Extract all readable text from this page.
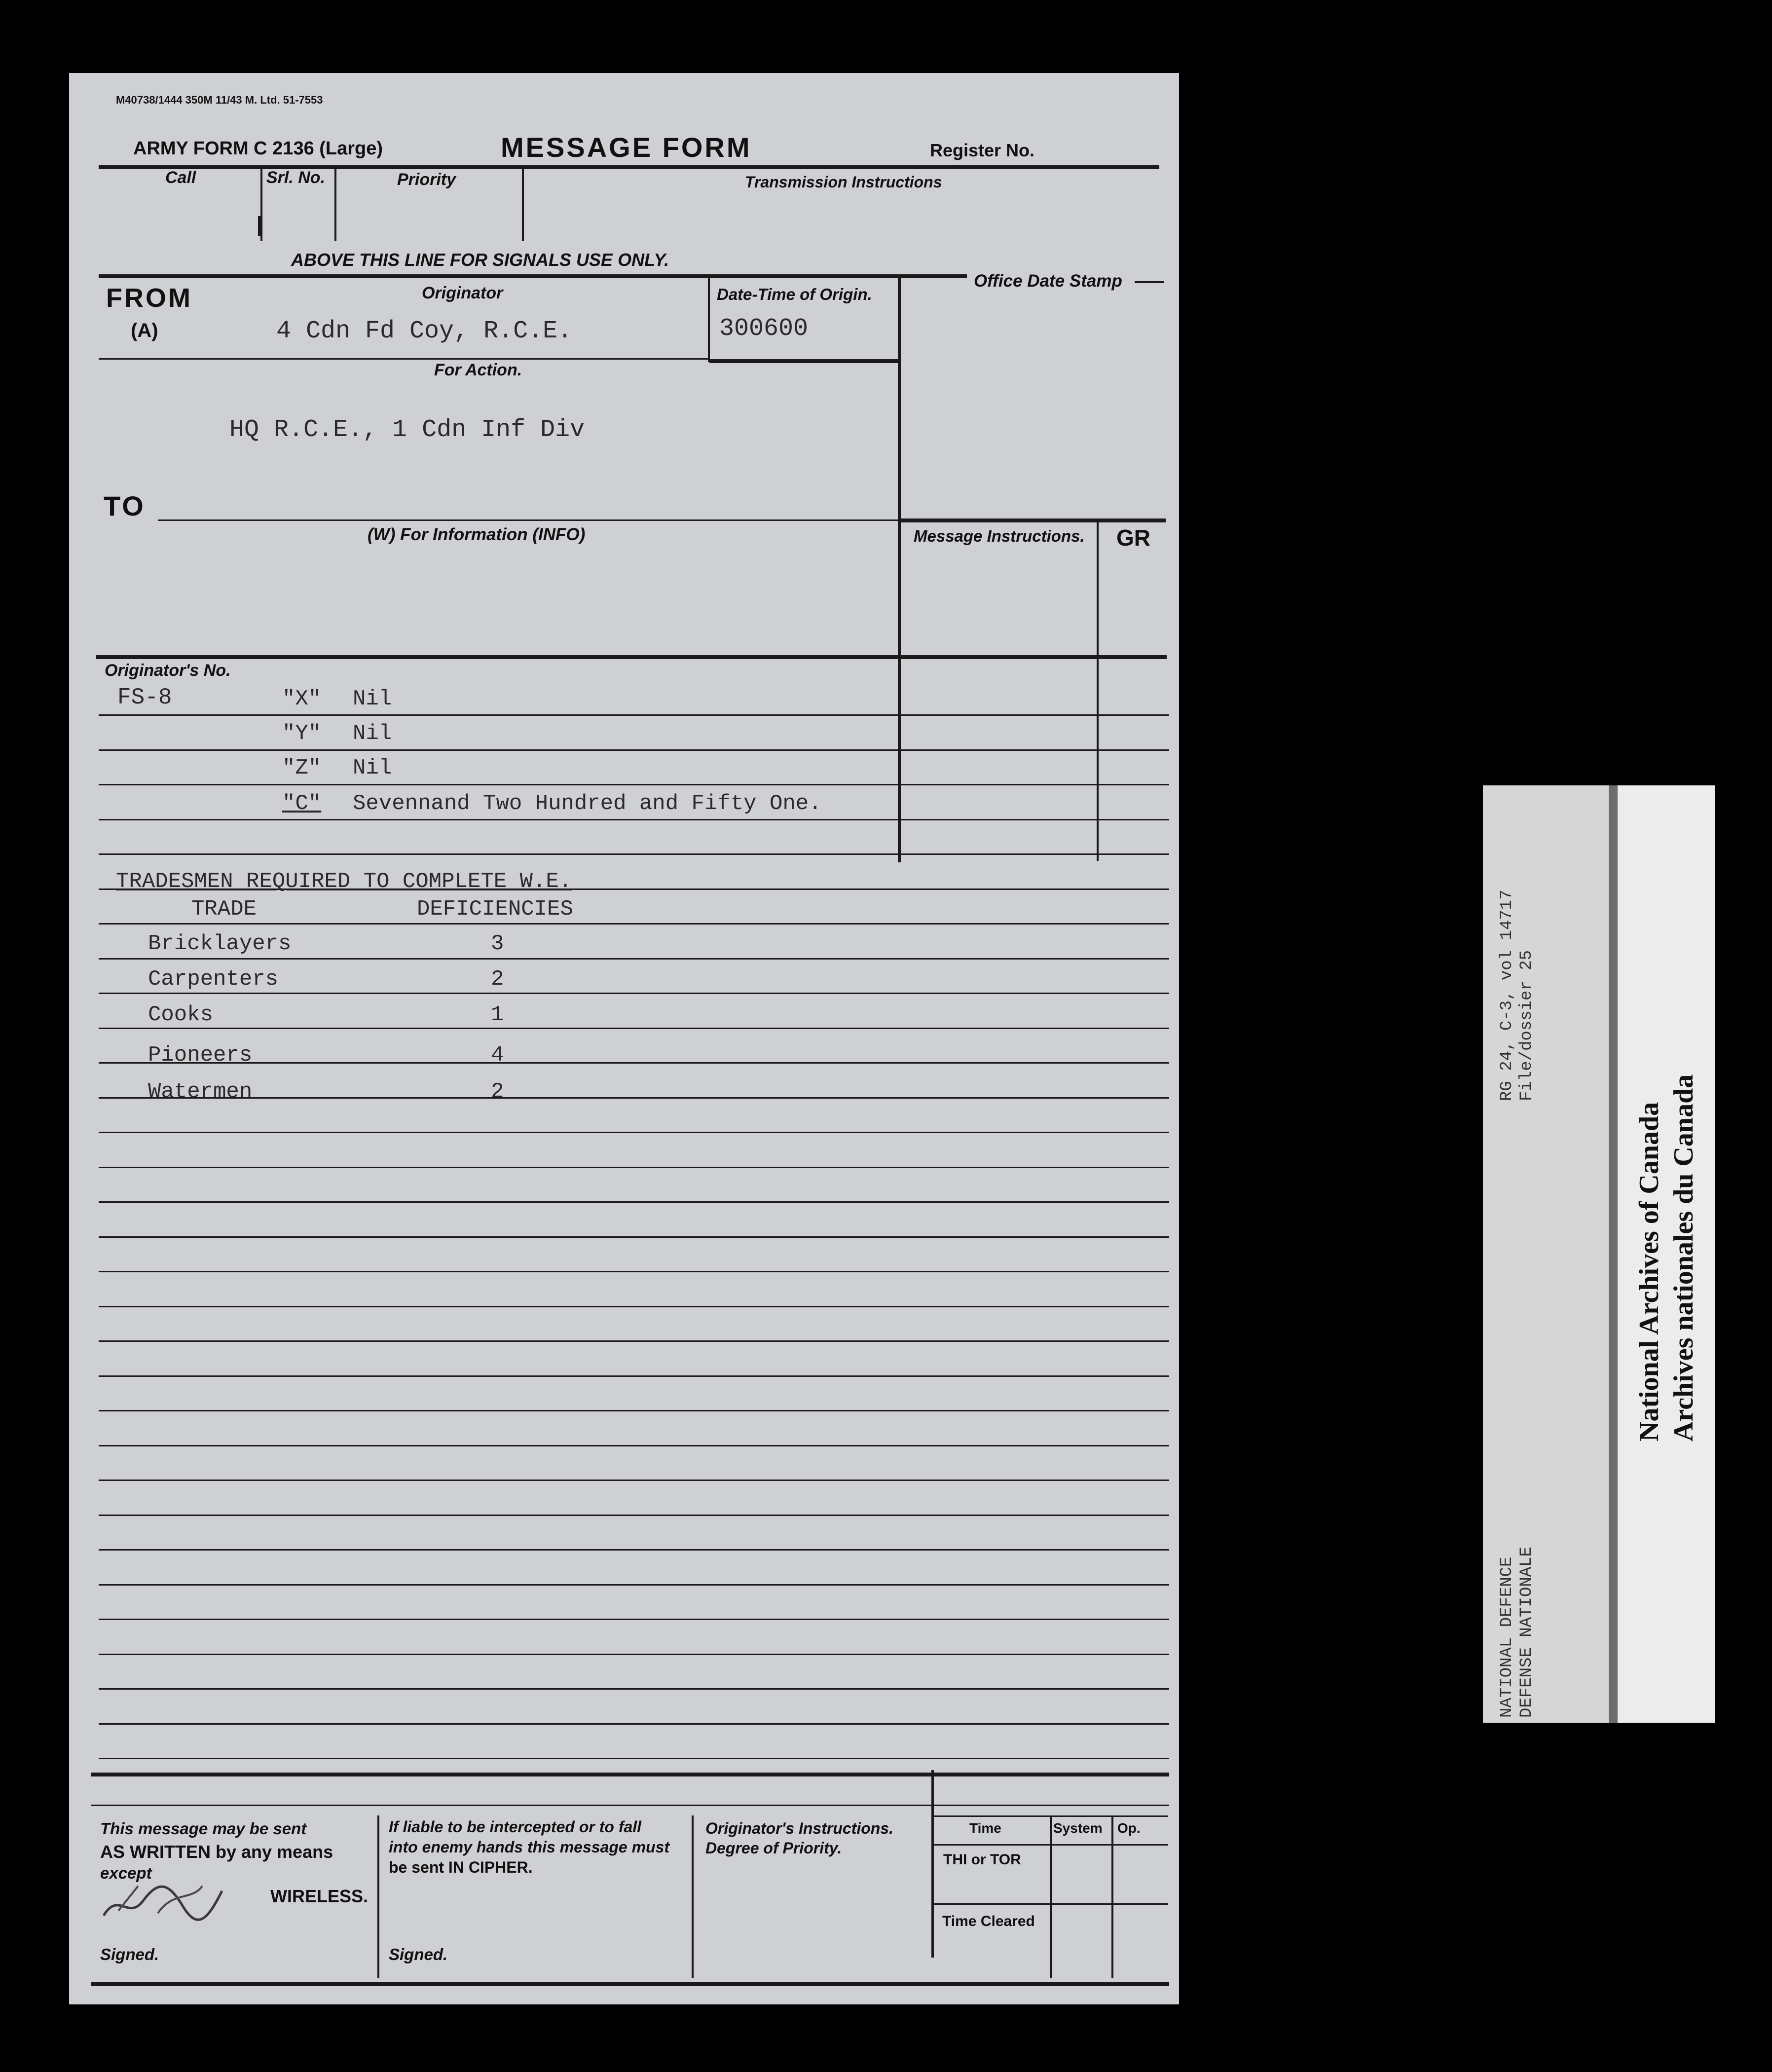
M40738/1444 350M 11/43 M. Ltd. 51-7553
ARMY FORM C 2136 (Large)	MESSAGE FORM	Register No.
Call	Srl. No.	Priority	Transmission Instructions
ABOVE THIS LINE FOR SIGNALS USE ONLY.
FROM
(A)
Originator
4 Cdn Fd Coy, R.C.E.
Date-Time of Origin.
300600
Office Date Stamp
For Action.
HQ R.C.E., 1 Cdn Inf Div
TO
(W) For Information (INFO)	Message Instructions. GR
Originator's No.
FS-8	"X" Nil
"Y" Nil
"Z" Nil
"C" Sevennand Two Hundred and Fifty One.
TRADESMEN REQUIRED TO COMPLETE W.E.
TRADE	DEFICIENCIES
Bricklayers	3
Carpenters	2
Cooks	1
Pioneers	4
Watermen	2
This message may be sent
AS WRITTEN by any means
except
WIRELESS.
Signed.
If liable to be intercepted or to fall
into enemy hands this message must
be sent IN CIPHER.
Signed.
Originator's Instructions.
Degree of Priority.
Time	System Op.
THI or TOR
Time Cleared
RG 24, C-3, vol 14717 File/dossier 25
NATIONAL DEFENCE DEFENSE NATIONALE
National Archives of Canada Archives nationales du Canada
